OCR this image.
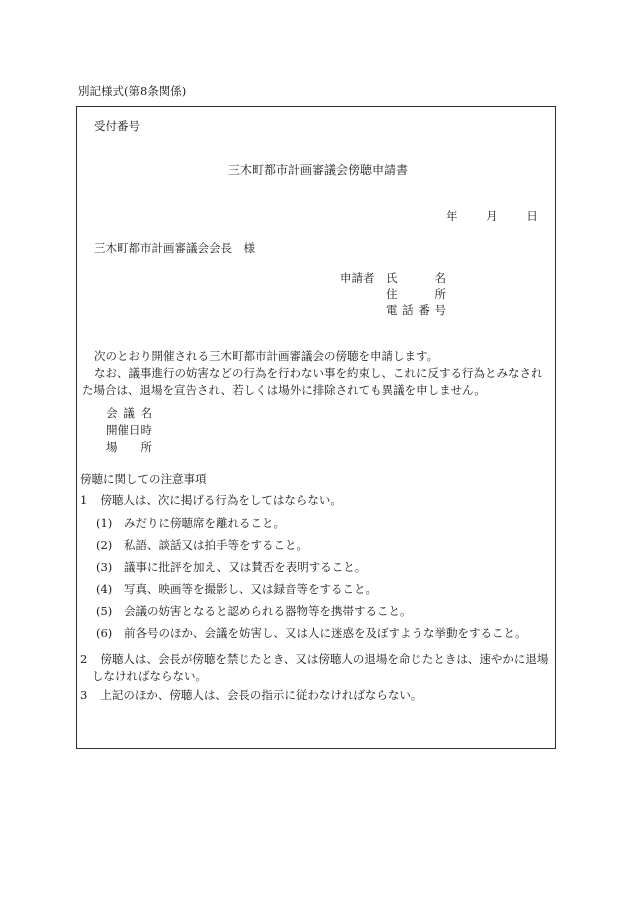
別記様式(第8条関係)
受付番号
三木町都市計画審議会傍聴申請書
年 月 日
三木町都市計画審議会会長　様
申請者 氏　　名
住　　所
電話番号
次のとおり開催される三木町都市計画審議会の傍聴を申請します。
なお、議事進行の妨害などの行為を行わない事を約束し、これに反する行為とみなされた場合は、退場を宣告され、若しくは場外に排除されても異議を申しません。
会 議 名
開催日時
場　　所
傍聴に関しての注意事項
1 傍聴人は、次に掲げる行為をしてはならない。
(1) みだりに傍聴席を離れること。
(2) 私語、談話又は拍手等をすること。
(3) 議事に批評を加え、又は賛否を表明すること。
(4) 写真、映画等を撮影し、又は録音等をすること。
(5) 会議の妨害となると認められる器物等を携帯すること。
(6) 前各号のほか、会議を妨害し、又は人に迷惑を及ぼすような挙動をすること。
2 傍聴人は、会長が傍聴を禁じたとき、又は傍聴人の退場を命じたときは、速やかに退場しなければならない。
3 上記のほか、傍聴人は、会長の指示に従わなければならない。
